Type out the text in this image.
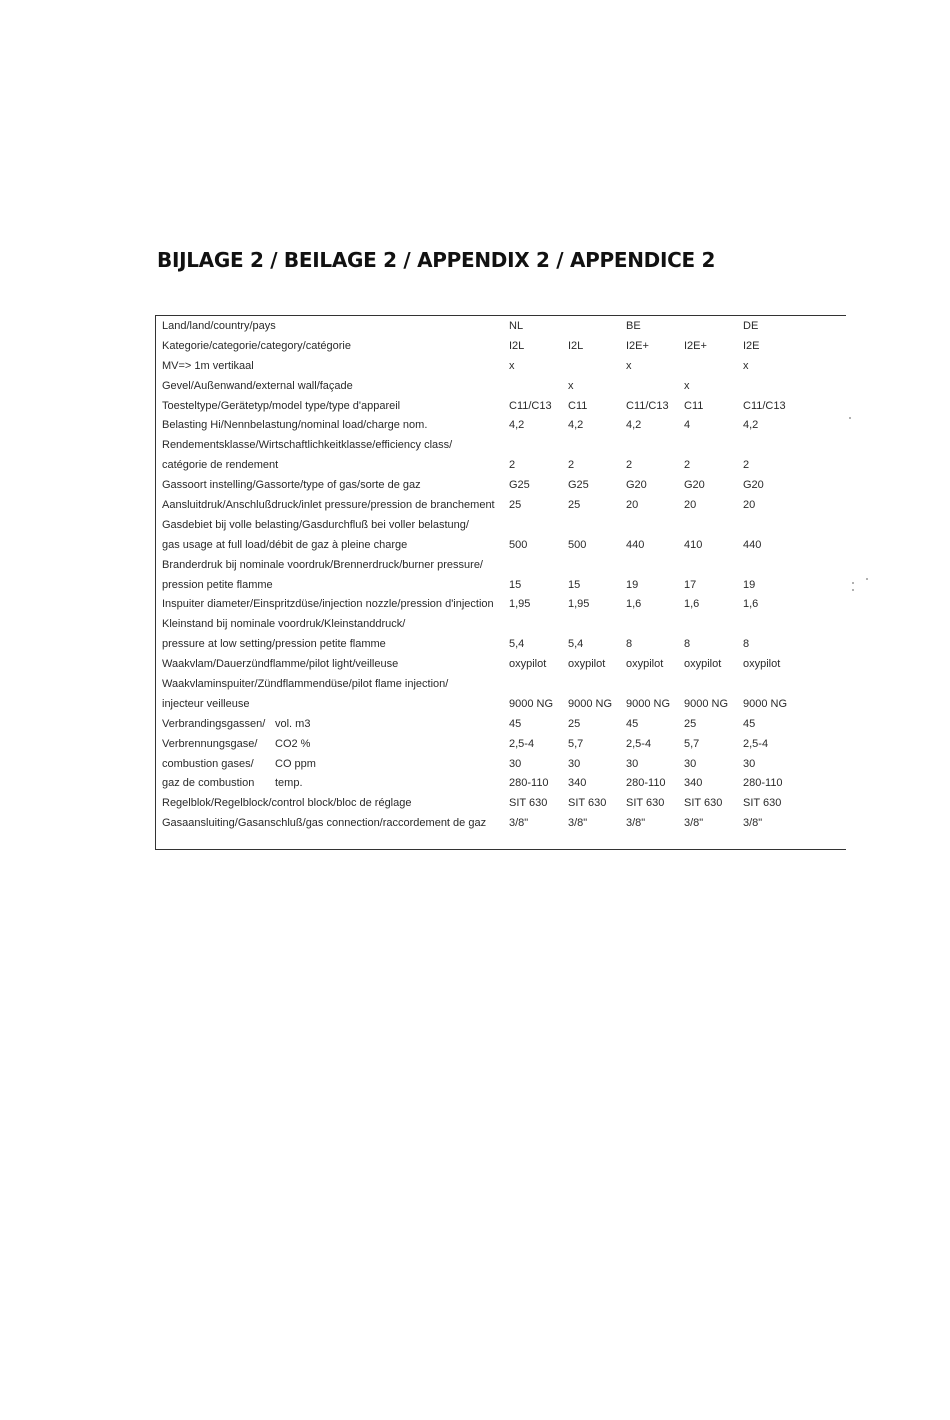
BIJLAGE 2 / BEILAGE 2 / APPENDIX 2 / APPENDICE 2
Land/land/country/pays	NL		BE		DE
Kategorie/categorie/category/catégorie	I2L	I2L	I2E+	I2E+	I2E
MV=> 1m vertikaal	x		x		x
Gevel/Außenwand/external wall/façade		x		x	
Toesteltype/Gerätetyp/model type/type d'appareil	C11/C13	C11	C11/C13	C11	C11/C13
Belasting Hi/Nennbelastung/nominal load/charge nom.	4,2	4,2	4,2	4	4,2
Rendementsklasse/Wirtschaftlichkeitklasse/efficiency class/					
catégorie de rendement	2	2	2	2	2
Gassoort instelling/Gassorte/type of gas/sorte de gaz	G25	G25	G20	G20	G20
Aansluitdruk/Anschlußdruck/inlet pressure/pression de branchement	25	25	20	20	20
Gasdebiet bij volle belasting/Gasdurchfluß bei voller belastung/					
gas usage at full load/débit de gaz à pleine charge	500	500	440	410	440
Branderdruk bij nominale voordruk/Brennerdruck/burner pressure/					
pression petite flamme	15	15	19	17	19
Inspuiter diameter/Einspritzdüse/injection nozzle/pression d'injection	1,95	1,95	1,6	1,6	1,6
Kleinstand bij nominale voordruk/Kleinstanddruck/					
pressure at low setting/pression petite flamme	5,4	5,4	8	8	8
Waakvlam/Dauerzündflamme/pilot light/veilleuse	oxypilot	oxypilot	oxypilot	oxypilot	oxypilot
Waakvlaminspuiter/Zündflammendüse/pilot flame injection/					
injecteur veilleuse	9000 NG	9000 NG	9000 NG	9000 NG	9000 NG
Verbrandingsgassen/ vol. m3	45	25	45	25	45
Verbrennungsgase/ CO2 %	2,5-4	5,7	2,5-4	5,7	2,5-4
combustion gases/ CO ppm	30	30	30	30	30
gaz de combustion temp.	280-110	340	280-110	340	280-110
Regelblok/Regelblock/control block/bloc de réglage	SIT 630	SIT 630	SIT 630	SIT 630	SIT 630
Gasaansluiting/Gasanschluß/gas connection/raccordement de gaz	3/8"	3/8"	3/8"	3/8"	3/8"
